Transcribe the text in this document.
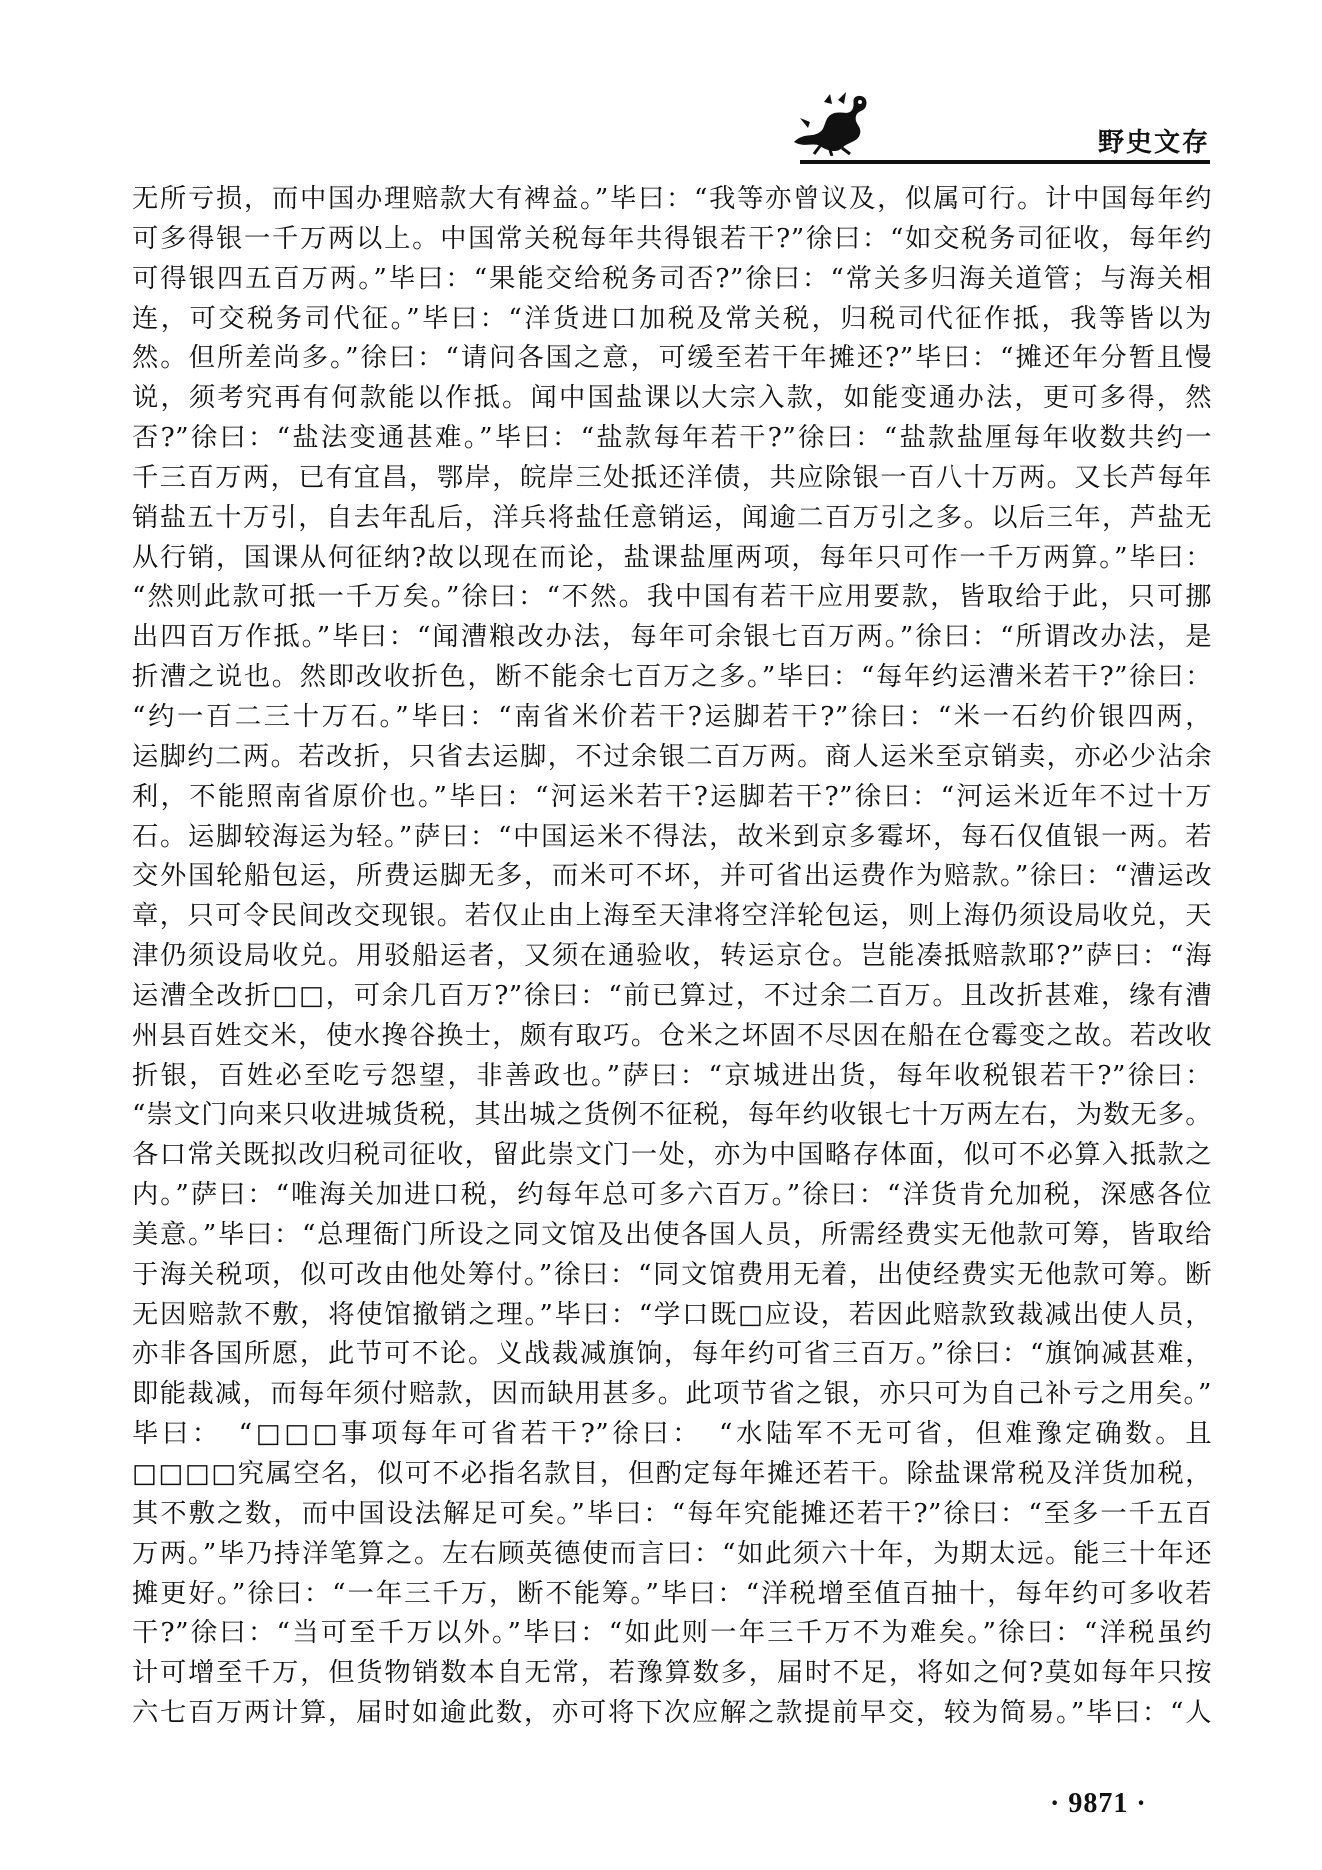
野史文存
无所亏损，而中国办理赔款大有裨益。”毕曰：“我等亦曾议及，似属可行。计中国每年约
可多得银一千万两以上。中国常关税每年共得银若干?”徐曰：“如交税务司征收，每年约
可得银四五百万两。”毕曰：“果能交给税务司否?”徐曰：“常关多归海关道管；与海关相
连，可交税务司代征。”毕曰：“洋货进口加税及常关税，归税司代征作抵，我等皆以为
然。但所差尚多。”徐曰：“请问各国之意，可缓至若干年摊还?”毕曰：“摊还年分暂且慢
说，须考究再有何款能以作抵。闻中国盐课以大宗入款，如能变通办法，更可多得，然
否?”徐曰：“盐法变通甚难。”毕曰：“盐款每年若干?”徐曰：“盐款盐厘每年收数共约一
千三百万两，已有宜昌，鄂岸，皖岸三处抵还洋债，共应除银一百八十万两。又长芦每年
销盐五十万引，自去年乱后，洋兵将盐任意销运，闻逾二百万引之多。以后三年，芦盐无
从行销，国课从何征纳?故以现在而论，盐课盐厘两项，每年只可作一千万两算。”毕曰：
“然则此款可抵一千万矣。”徐曰：“不然。我中国有若干应用要款，皆取给于此，只可挪
出四百万作抵。”毕曰：“闻漕粮改办法，每年可余银七百万两。”徐曰：“所谓改办法，是
折漕之说也。然即改收折色，断不能余七百万之多。”毕曰：“每年约运漕米若干?”徐曰：
“约一百二三十万石。”毕曰：“南省米价若干?运脚若干?”徐曰：“米一石约价银四两，
运脚约二两。若改折，只省去运脚，不过余银二百万两。商人运米至京销卖，亦必少沾余
利，不能照南省原价也。”毕曰：“河运米若干?运脚若干?”徐曰：“河运米近年不过十万
石。运脚较海运为轻。”萨曰：“中国运米不得法，故米到京多霉坏，每石仅值银一两。若
交外国轮船包运，所费运脚无多，而米可不坏，并可省出运费作为赔款。”徐曰：“漕运改
章，只可令民间改交现银。若仅止由上海至天津将空洋轮包运，则上海仍须设局收兑，天
津仍须设局收兑。用驳船运者，又须在通验收，转运京仓。岂能凑抵赔款耶?”萨曰：“海
运漕全改折□□，可余几百万?”徐曰：“前已算过，不过余二百万。且改折甚难，缘有漕
州县百姓交米，使水搀谷换士，颇有取巧。仓米之坏固不尽因在船在仓霉变之故。若改收
折银，百姓必至吃亏怨望，非善政也。”萨曰：“京城进出货，每年收税银若干?”徐曰：
“崇文门向来只收进城货税，其出城之货例不征税，每年约收银七十万两左右，为数无多。
各口常关既拟改归税司征收，留此崇文门一处，亦为中国略存体面，似可不必算入抵款之
内。”萨曰：“唯海关加进口税，约每年总可多六百万。”徐曰：“洋货肯允加税，深感各位
美意。”毕曰：“总理衙门所设之同文馆及出使各国人员，所需经费实无他款可筹，皆取给
于海关税项，似可改由他处筹付。”徐曰：“同文馆费用无着，出使经费实无他款可筹。断
无因赔款不敷，将使馆撤销之理。”毕曰：“学口既□应设，若因此赔款致裁减出使人员，
亦非各国所愿，此节可不论。义战裁减旗饷，每年约可省三百万。”徐曰：“旗饷减甚难，
即能裁减，而每年须付赔款，因而缺用甚多。此项节省之银，亦只可为自己补亏之用矣。”
毕曰：　“□□□事项每年可省若干?”徐曰：　“水陆军不无可省，但难豫定确数。且
□□□□究属空名，似可不必指名款目，但酌定每年摊还若干。除盐课常税及洋货加税，
其不敷之数，而中国设法解足可矣。”毕曰：“每年究能摊还若干?”徐曰：“至多一千五百
万两。”毕乃持洋笔算之。左右顾英德使而言曰：“如此须六十年，为期太远。能三十年还
摊更好。”徐曰：“一年三千万，断不能筹。”毕曰：“洋税增至值百抽十，每年约可多收若
干?”徐曰：“当可至千万以外。”毕曰：“如此则一年三千万不为难矣。”徐曰：“洋税虽约
计可增至千万，但货物销数本自无常，若豫算数多，届时不足，将如之何?莫如每年只按
六七百万两计算，届时如逾此数，亦可将下次应解之款提前早交，较为简易。”毕曰：“人
· 9871 ·
